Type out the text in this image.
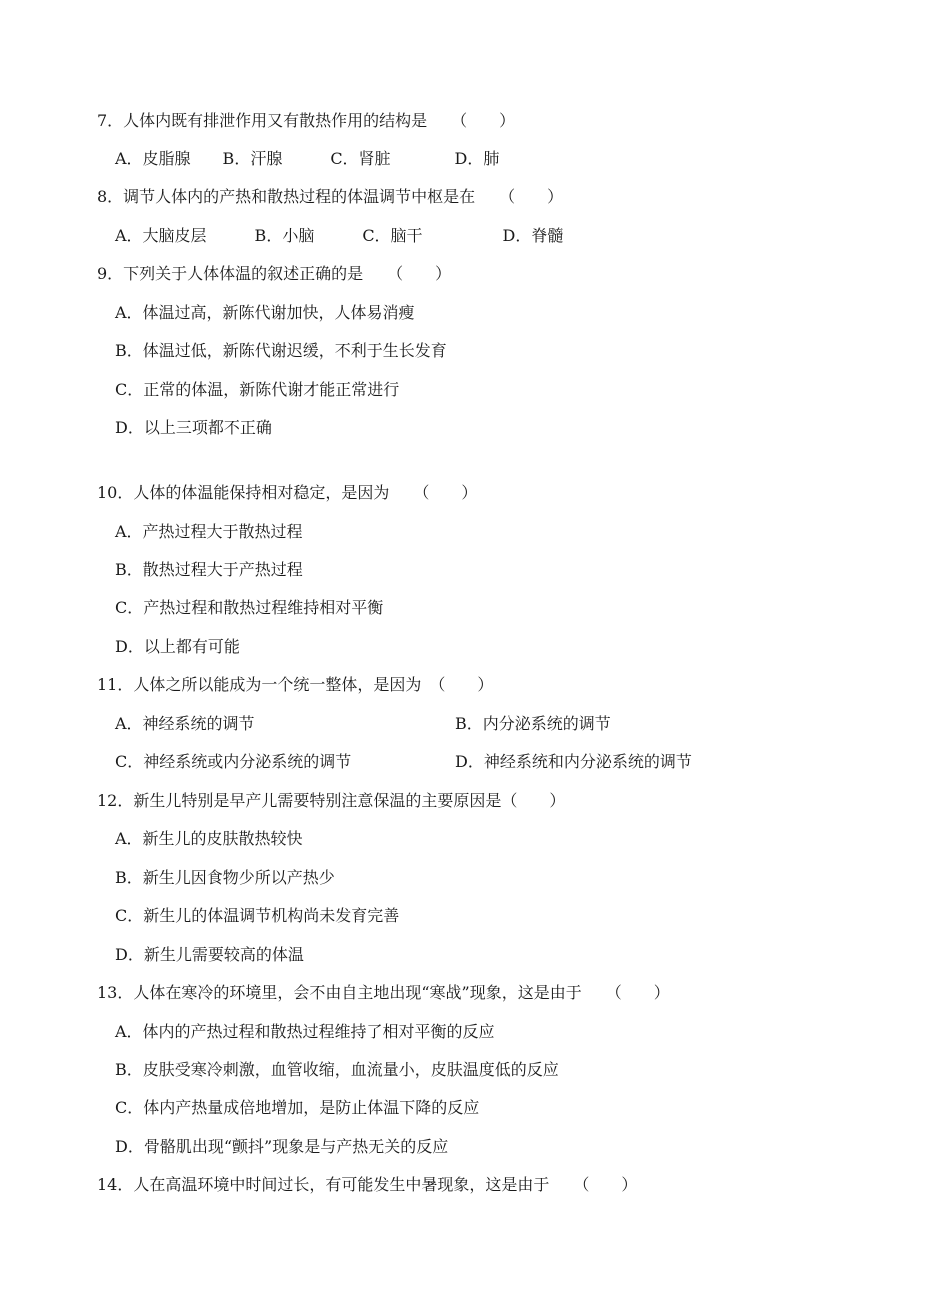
7．人体内既有排泄作用又有散热作用的结构是　　（　　）
A．皮脂腺　　B．汗腺　　　C．肾脏　　　　D．肺
8．调节人体内的产热和散热过程的体温调节中枢是在　　（　　）
A．大脑皮层　　　B．小脑　　　C．脑干　　　　　D．脊髓
9．下列关于人体体温的叙述正确的是　　（　　）
A．体温过高，新陈代谢加快，人体易消瘦
B．体温过低，新陈代谢迟缓，不利于生长发育
C．正常的体温，新陈代谢才能正常进行
D．以上三项都不正确
10．人体的体温能保持相对稳定，是因为　　（　　）
A．产热过程大于散热过程
B．散热过程大于产热过程
C．产热过程和散热过程维持相对平衡
D．以上都有可能
11．人体之所以能成为一个统一整体，是因为　（　　）
A．神经系统的调节	B．内分泌系统的调节
C．神经系统或内分泌系统的调节	D．神经系统和内分泌系统的调节
12．新生儿特别是早产儿需要特别注意保温的主要原因是（　　）
A．新生儿的皮肤散热较快
B．新生儿因食物少所以产热少
C．新生儿的体温调节机构尚未发育完善
D．新生儿需要较高的体温
13．人体在寒冷的环境里，会不由自主地出现“寒战”现象，这是由于　　（　　）
A．体内的产热过程和散热过程维持了相对平衡的反应
B．皮肤受寒冷刺激，血管收缩，血流量小，皮肤温度低的反应
C．体内产热量成倍地增加，是防止体温下降的反应
D．骨骼肌出现“颤抖”现象是与产热无关的反应
14．人在高温环境中时间过长，有可能发生中暑现象，这是由于　　（　　）
